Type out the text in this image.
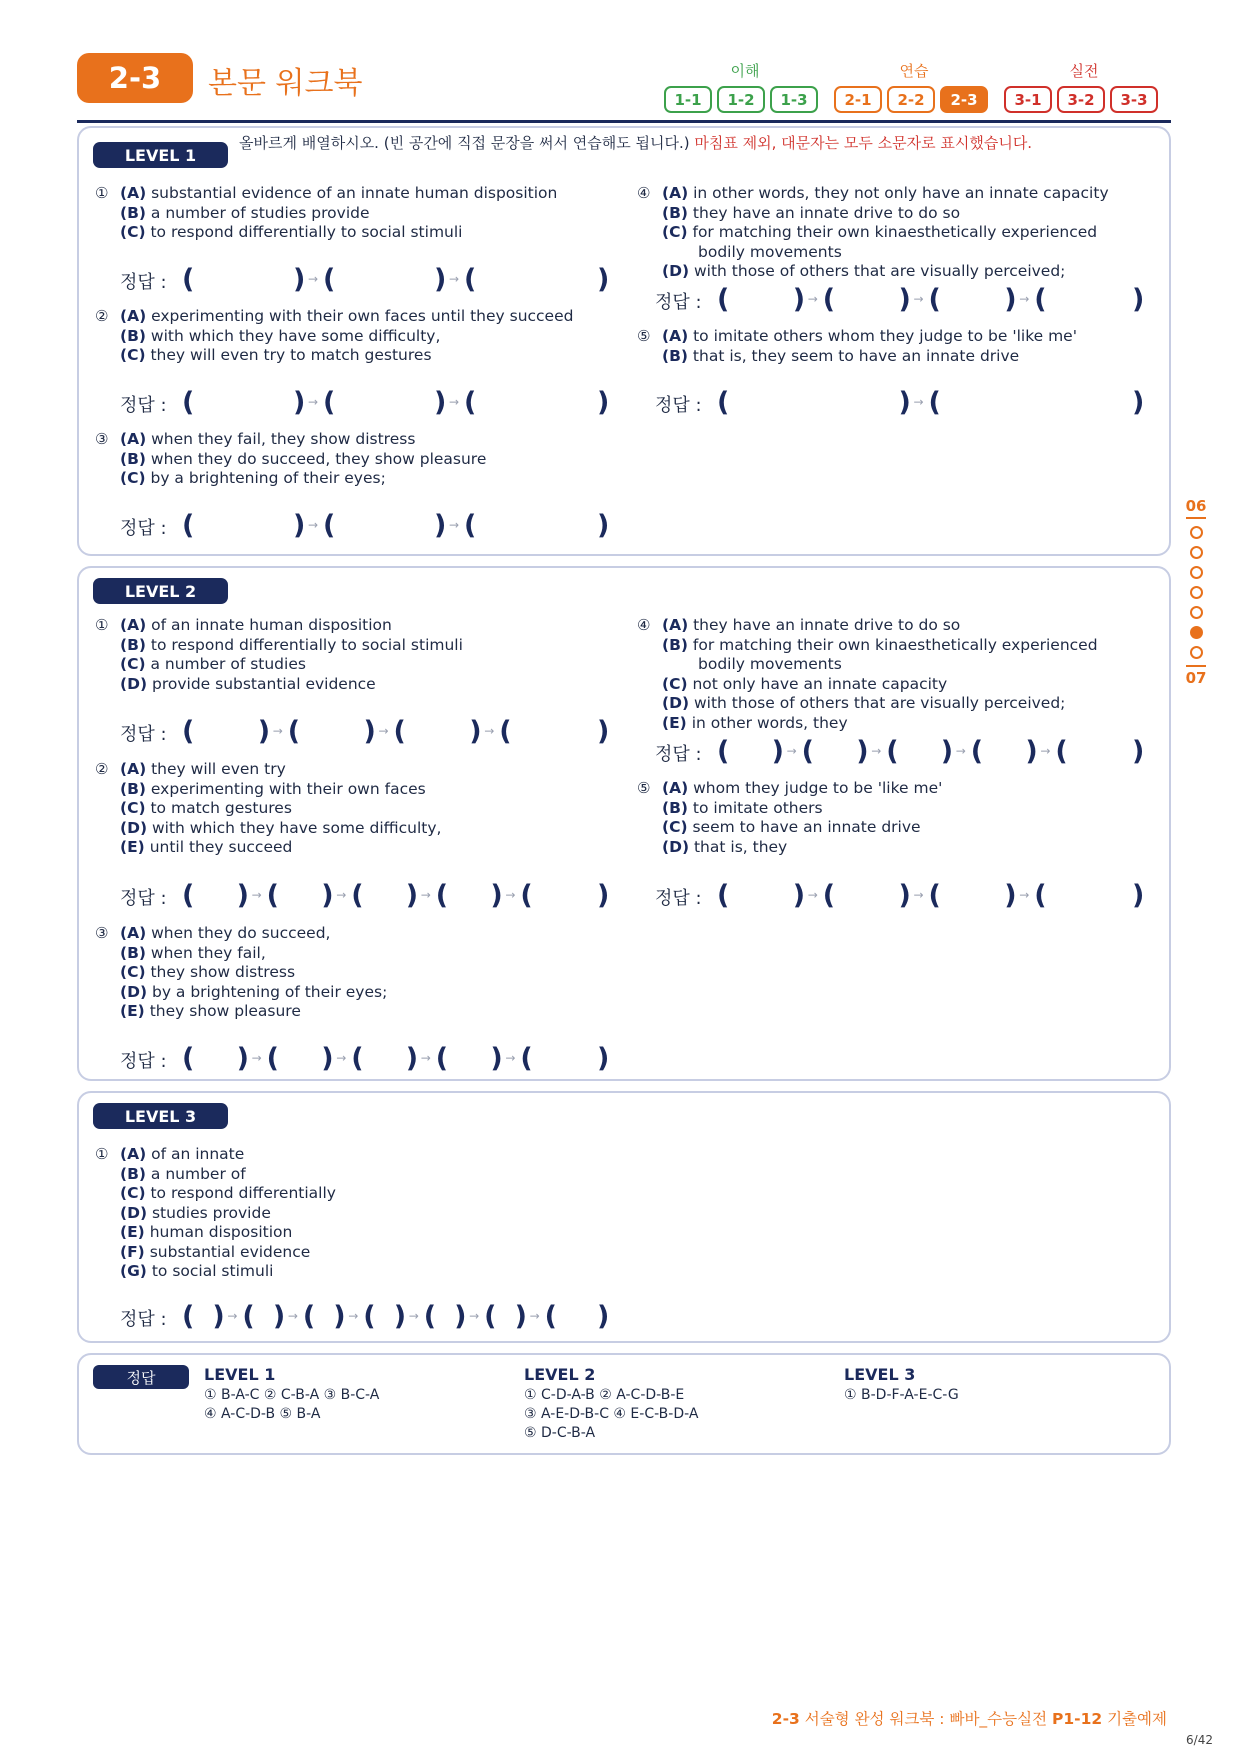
2-3	본문 워크북	이해
1-1	1-2	1-3
연습
2-1	2-2	2-3
실전
3-1	3-2	3-3
LEVEL 1
올바르게 배열하시오. (빈 공간에 직접 문장을 써서 연습해도 됩니다.) 마침표 제외, 대문자는 모두 소문자로 표시했습니다.
LEVEL 2
LEVEL 3
정답	LEVEL 1
① B-A-C ② C-B-A ③ B-C-A
④ A-C-D-B ⑤ B-A
LEVEL 2
① C-D-A-B ② A-C-D-B-E
③ A-E-D-B-C ④ E-C-B-D-A
⑤ D-C-B-A
LEVEL 3
① B-D-F-A-E-C-G
① (A) substantial evidence of an innate human disposition
(B) a number of studies provide
(C) to respond differentially to social stimuli
정답 : (	) → (	) → (	)
② (A) experimenting with their own faces until they succeed
(B) with which they have some difficulty,
(C) they will even try to match gestures
정답 : (	) → (	) → (	)
③ (A) when they fail, they show distress
(B) when they do succeed, they show pleasure
(C) by a brightening of their eyes;
정답 : (	) → (	) → (	)
④ (A) in other words, they not only have an innate capacity
(B) they have an innate drive to do so
(C) for matching their own kinaesthetically experienced
bodily movements
(D) with those of others that are visually perceived;
정답 : ( ) → ( ) → ( ) → (	)
⑤ (A) to imitate others whom they judge to be 'like me'
(B) that is, they seem to have an innate drive
정답 : (	) → (	)
① (A) of an innate human disposition
(B) to respond differentially to social stimuli
(C) a number of studies
(D) provide substantial evidence
정답 : ( ) → ( ) → ( ) → (	)
② (A) they will even try
(B) experimenting with their own faces
(C) to match gestures
(D) with which they have some difficulty,
(E) until they succeed
정답 : ( ) → ( ) → ( ) → ( ) → ( )
③ (A) when they do succeed,
(B) when they fail,
(C) they show distress
(D) by a brightening of their eyes;
(E) they show pleasure
정답 : ( ) → ( ) → ( ) → ( ) → ( )
④ (A) they have an innate drive to do so
(B) for matching their own kinaesthetically experienced
bodily movements
(C) not only have an innate capacity
(D) with those of others that are visually perceived;
(E) in other words, they
정답 : ( ) → ( ) → ( ) → ( ) → ( )
⑤ (A) whom they judge to be 'like me'
(B) to imitate others
(C) seem to have an innate drive
(D) that is, they
정답 : ( ) → ( ) → ( ) → (	)
① (A) of an innate
(B) a number of
(C) to respond differentially
(D) studies provide
(E) human disposition
(F) substantial evidence
(G) to social stimuli
정답 : ( ) → ( ) → ( ) → ( ) → ( ) → ( ) → ( )
06
07
2-3 서술형 완성 워크북 : 빠바_수능실전 P1-12 기출예제
6/42
